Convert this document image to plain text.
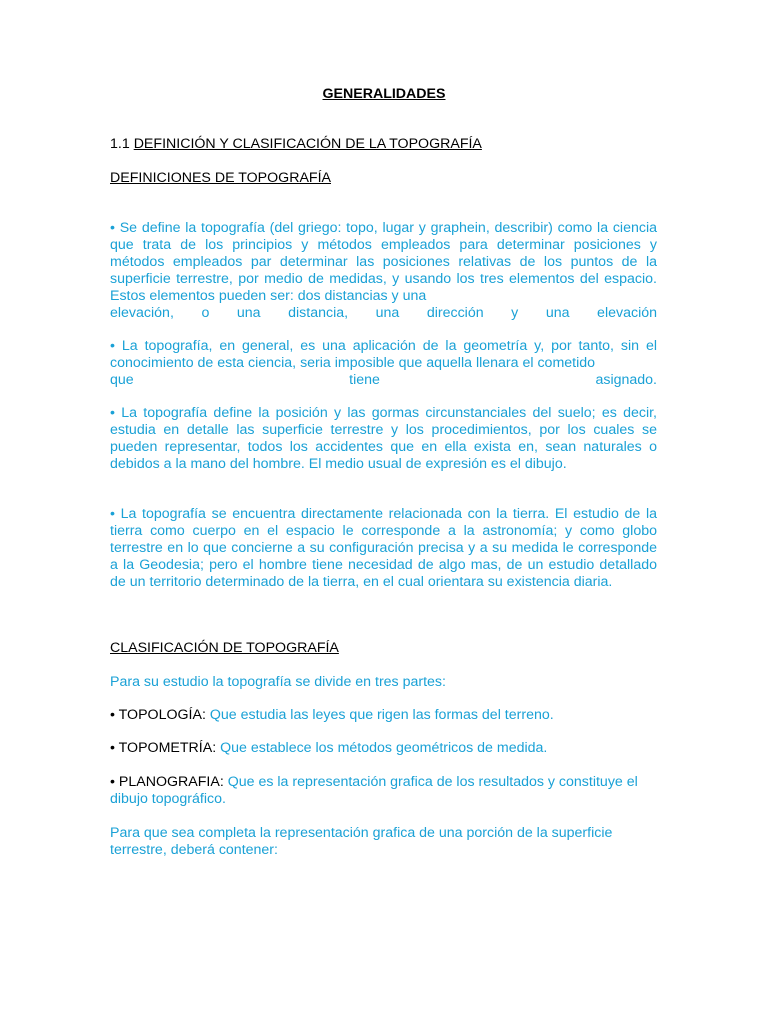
GENERALIDADES
1.1 DEFINICIÓN Y CLASIFICACIÓN DE LA TOPOGRAFÍA
DEFINICIONES DE TOPOGRAFÍA
• Se define la topografía (del griego: topo, lugar y graphein, describir) como la ciencia que trata de los principios y métodos empleados para determinar posiciones y métodos empleados par determinar las posiciones relativas de los puntos de la superficie terrestre, por medio de medidas, y usando los tres elementos del espacio. Estos elementos pueden ser: dos distancias y una
elevación, o una distancia, una dirección y una elevación
• La topografía, en general, es una aplicación de la geometría y, por tanto, sin el conocimiento de esta ciencia, seria imposible que aquella llenara el cometido
que tiene asignado.
• La topografía define la posición y las gormas circunstanciales del suelo; es decir, estudia en detalle las superficie terrestre y los procedimientos, por los cuales se pueden representar, todos los accidentes que en ella exista en, sean naturales o debidos a la mano del hombre. El medio usual de expresión es el dibujo.
• La topografía se encuentra directamente relacionada con la tierra. El estudio de la tierra como cuerpo en el espacio le corresponde a la astronomía; y como globo terrestre en lo que concierne a su configuración precisa y a su medida le corresponde a la Geodesia; pero el hombre tiene necesidad de algo mas, de un estudio detallado de un territorio determinado de la tierra, en el cual orientara su existencia diaria.
CLASIFICACIÓN DE TOPOGRAFÍA
Para su estudio la topografía se divide en tres partes:
• TOPOLOGÍA: Que estudia las leyes que rigen las formas del terreno.
• TOPOMETRÍA: Que establece los métodos geométricos de medida.
• PLANOGRAFIA: Que es la representación grafica de los resultados y constituye el dibujo topográfico.
Para que sea completa la representación grafica de una porción de la superficie terrestre, deberá contener:
